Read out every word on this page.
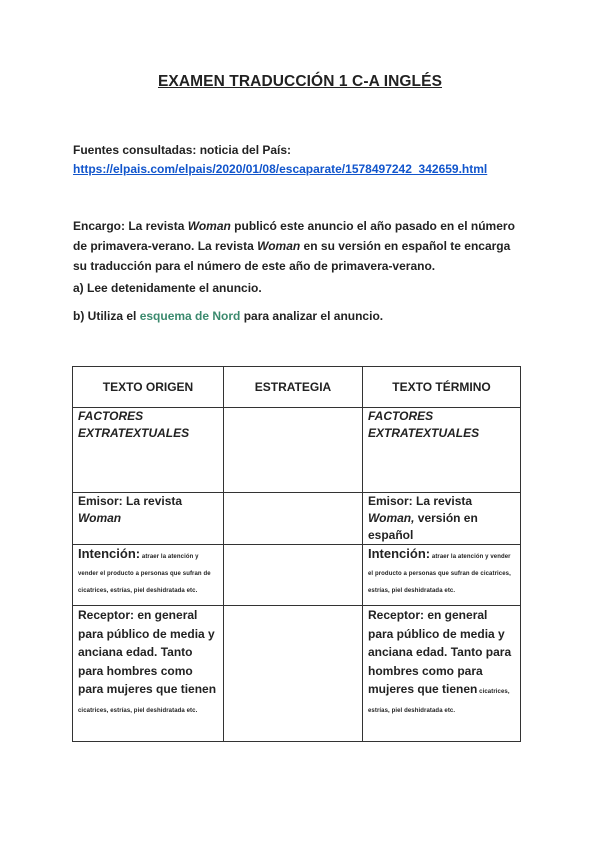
EXAMEN TRADUCCIÓN 1 C-A INGLÉS
Fuentes consultadas: noticia del País:
https://elpais.com/elpais/2020/01/08/escaparate/1578497242_342659.html
Encargo: La revista Woman publicó este anuncio el año pasado en el número de primavera-verano. La revista Woman en su versión en español te encarga su traducción para el número de este año de primavera-verano.
a) Lee detenidamente el anuncio.
b) Utiliza el esquema de Nord para analizar el anuncio.
TEXTO ORIGEN	ESTRATEGIA	TEXTO TÉRMINO
FACTORES EXTRATEXTUALES		FACTORES EXTRATEXTUALES
Emisor: La revista Woman		Emisor: La revista Woman, versión en español
Intención: atraer la atención y vender el producto a personas que sufran de cicatrices, estrías, piel deshidratada etc.		Intención: atraer la atención y vender el producto a personas que sufran de cicatrices, estrías, piel deshidratada etc.
Receptor: en general para público de media y anciana edad. Tanto para hombres como para mujeres que tienen cicatrices, estrías, piel deshidratada etc.		Receptor: en general para público de media y anciana edad. Tanto para hombres como para mujeres que tienen cicatrices, estrías, piel deshidratada etc.
